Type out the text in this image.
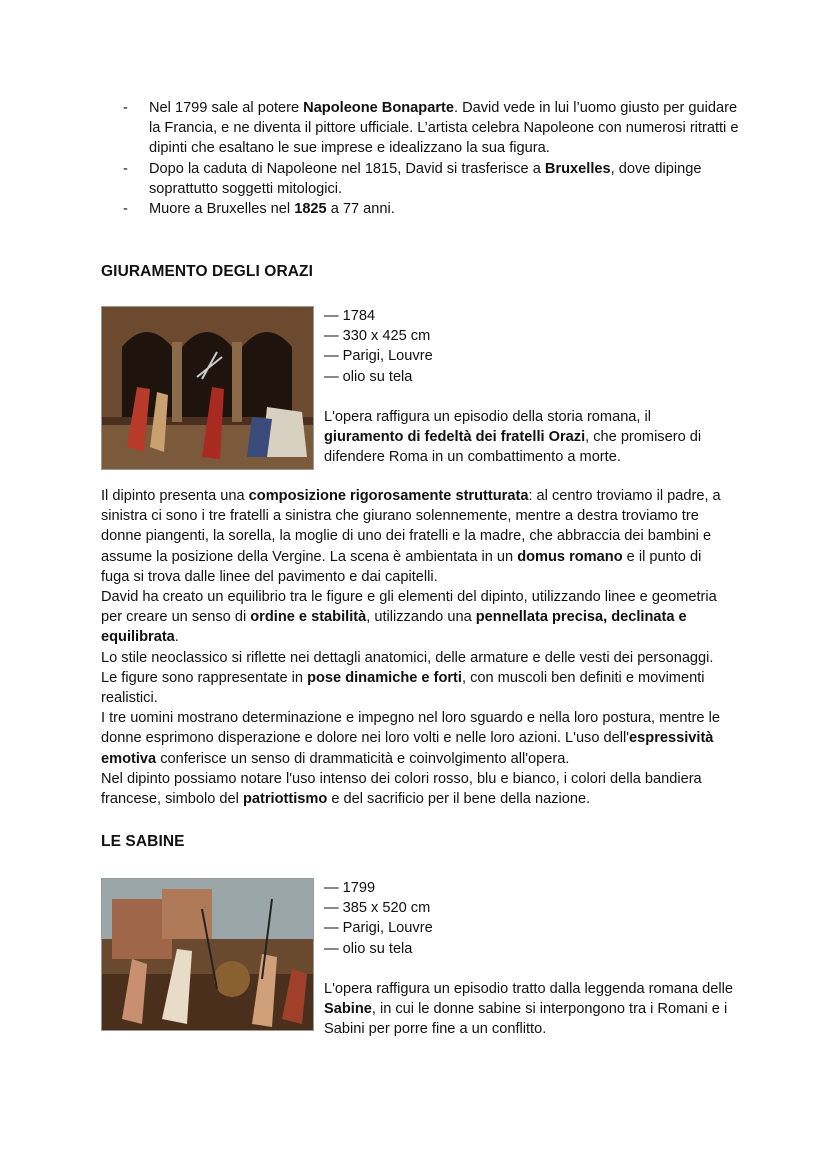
- Nel 1799 sale al potere Napoleone Bonaparte. David vede in lui l’uomo giusto per guidare la Francia, e ne diventa il pittore ufficiale. L’artista celebra Napoleone con numerosi ritratti e dipinti che esaltano le sue imprese e idealizzano la sua figura.
- Dopo la caduta di Napoleone nel 1815, David si trasferisce a Bruxelles, dove dipinge soprattutto soggetti mitologici.
- Muore a Bruxelles nel 1825 a 77 anni.
GIURAMENTO DEGLI ORAZI
— 1784
— 330 x 425 cm
— Parigi, Louvre
— olio su tela

L'opera raffigura un episodio della storia romana, il giuramento di fedeltà dei fratelli Orazi, che promisero di difendere Roma in un combattimento a morte.

Il dipinto presenta una composizione rigorosamente strutturata: al centro troviamo il padre, a sinistra ci sono i tre fratelli a sinistra che giurano solennemente, mentre a destra troviamo tre donne piangenti, la sorella, la moglie di uno dei fratelli e la madre, che abbraccia dei bambini e assume la posizione della Vergine. La scena è ambientata in un domus romano e il punto di fuga si trova dalle linee del pavimento e dai capitelli.

David ha creato un equilibrio tra le figure e gli elementi del dipinto, utilizzando linee e geometria per creare un senso di ordine e stabilità, utilizzando una pennellata precisa, declinata e equilibrata.

Lo stile neoclassico si riflette nei dettagli anatomici, delle armature e delle vesti dei personaggi. Le figure sono rappresentate in pose dinamiche e forti, con muscoli ben definiti e movimenti realistici.

I tre uomini mostrano determinazione e impegno nel loro sguardo e nella loro postura, mentre le donne esprimono disperazione e dolore nei loro volti e nelle loro azioni. L'uso dell'espressività emotiva conferisce un senso di drammaticità e coinvolgimento all'opera.

Nel dipinto possiamo notare l'uso intenso dei colori rosso, blu e bianco, i colori della bandiera francese, simbolo del patriottismo e del sacrificio per il bene della nazione.

LE SABINE
— 1799
— 385 x 520 cm
— Parigi, Louvre
— olio su tela

L'opera raffigura un episodio tratto dalla leggenda romana delle Sabine, in cui le donne sabine si interpongono tra i Romani e i Sabini per porre fine a un conflitto.
